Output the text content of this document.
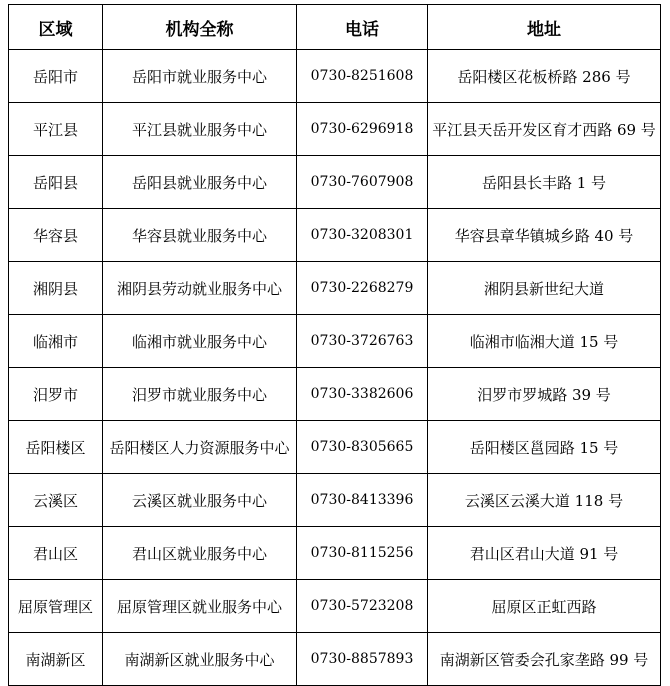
区域	机构全称	电话	地址
岳阳市	岳阳市就业服务中心	0730-8251608	岳阳楼区花板桥路 286 号
平江县	平江县就业服务中心	0730-6296918	平江县天岳开发区育才西路 69 号
岳阳县	岳阳县就业服务中心	0730-7607908	岳阳县长丰路 1 号
华容县	华容县就业服务中心	0730-3208301	华容县章华镇城乡路 40 号
湘阴县	湘阴县劳动就业服务中心	0730-2268279	湘阴县新世纪大道
临湘市	临湘市就业服务中心	0730-3726763	临湘市临湘大道 15 号
汨罗市	汨罗市就业服务中心	0730-3382606	汨罗市罗城路 39 号
岳阳楼区	岳阳楼区人力资源服务中心	0730-8305665	岳阳楼区邕园路 15 号
云溪区	云溪区就业服务中心	0730-8413396	云溪区云溪大道 118 号
君山区	君山区就业服务中心	0730-8115256	君山区君山大道 91 号
屈原管理区	屈原管理区就业服务中心	0730-5723208	屈原区正虹西路
南湖新区	南湖新区就业服务中心	0730-8857893	南湖新区管委会孔家垄路 99 号
